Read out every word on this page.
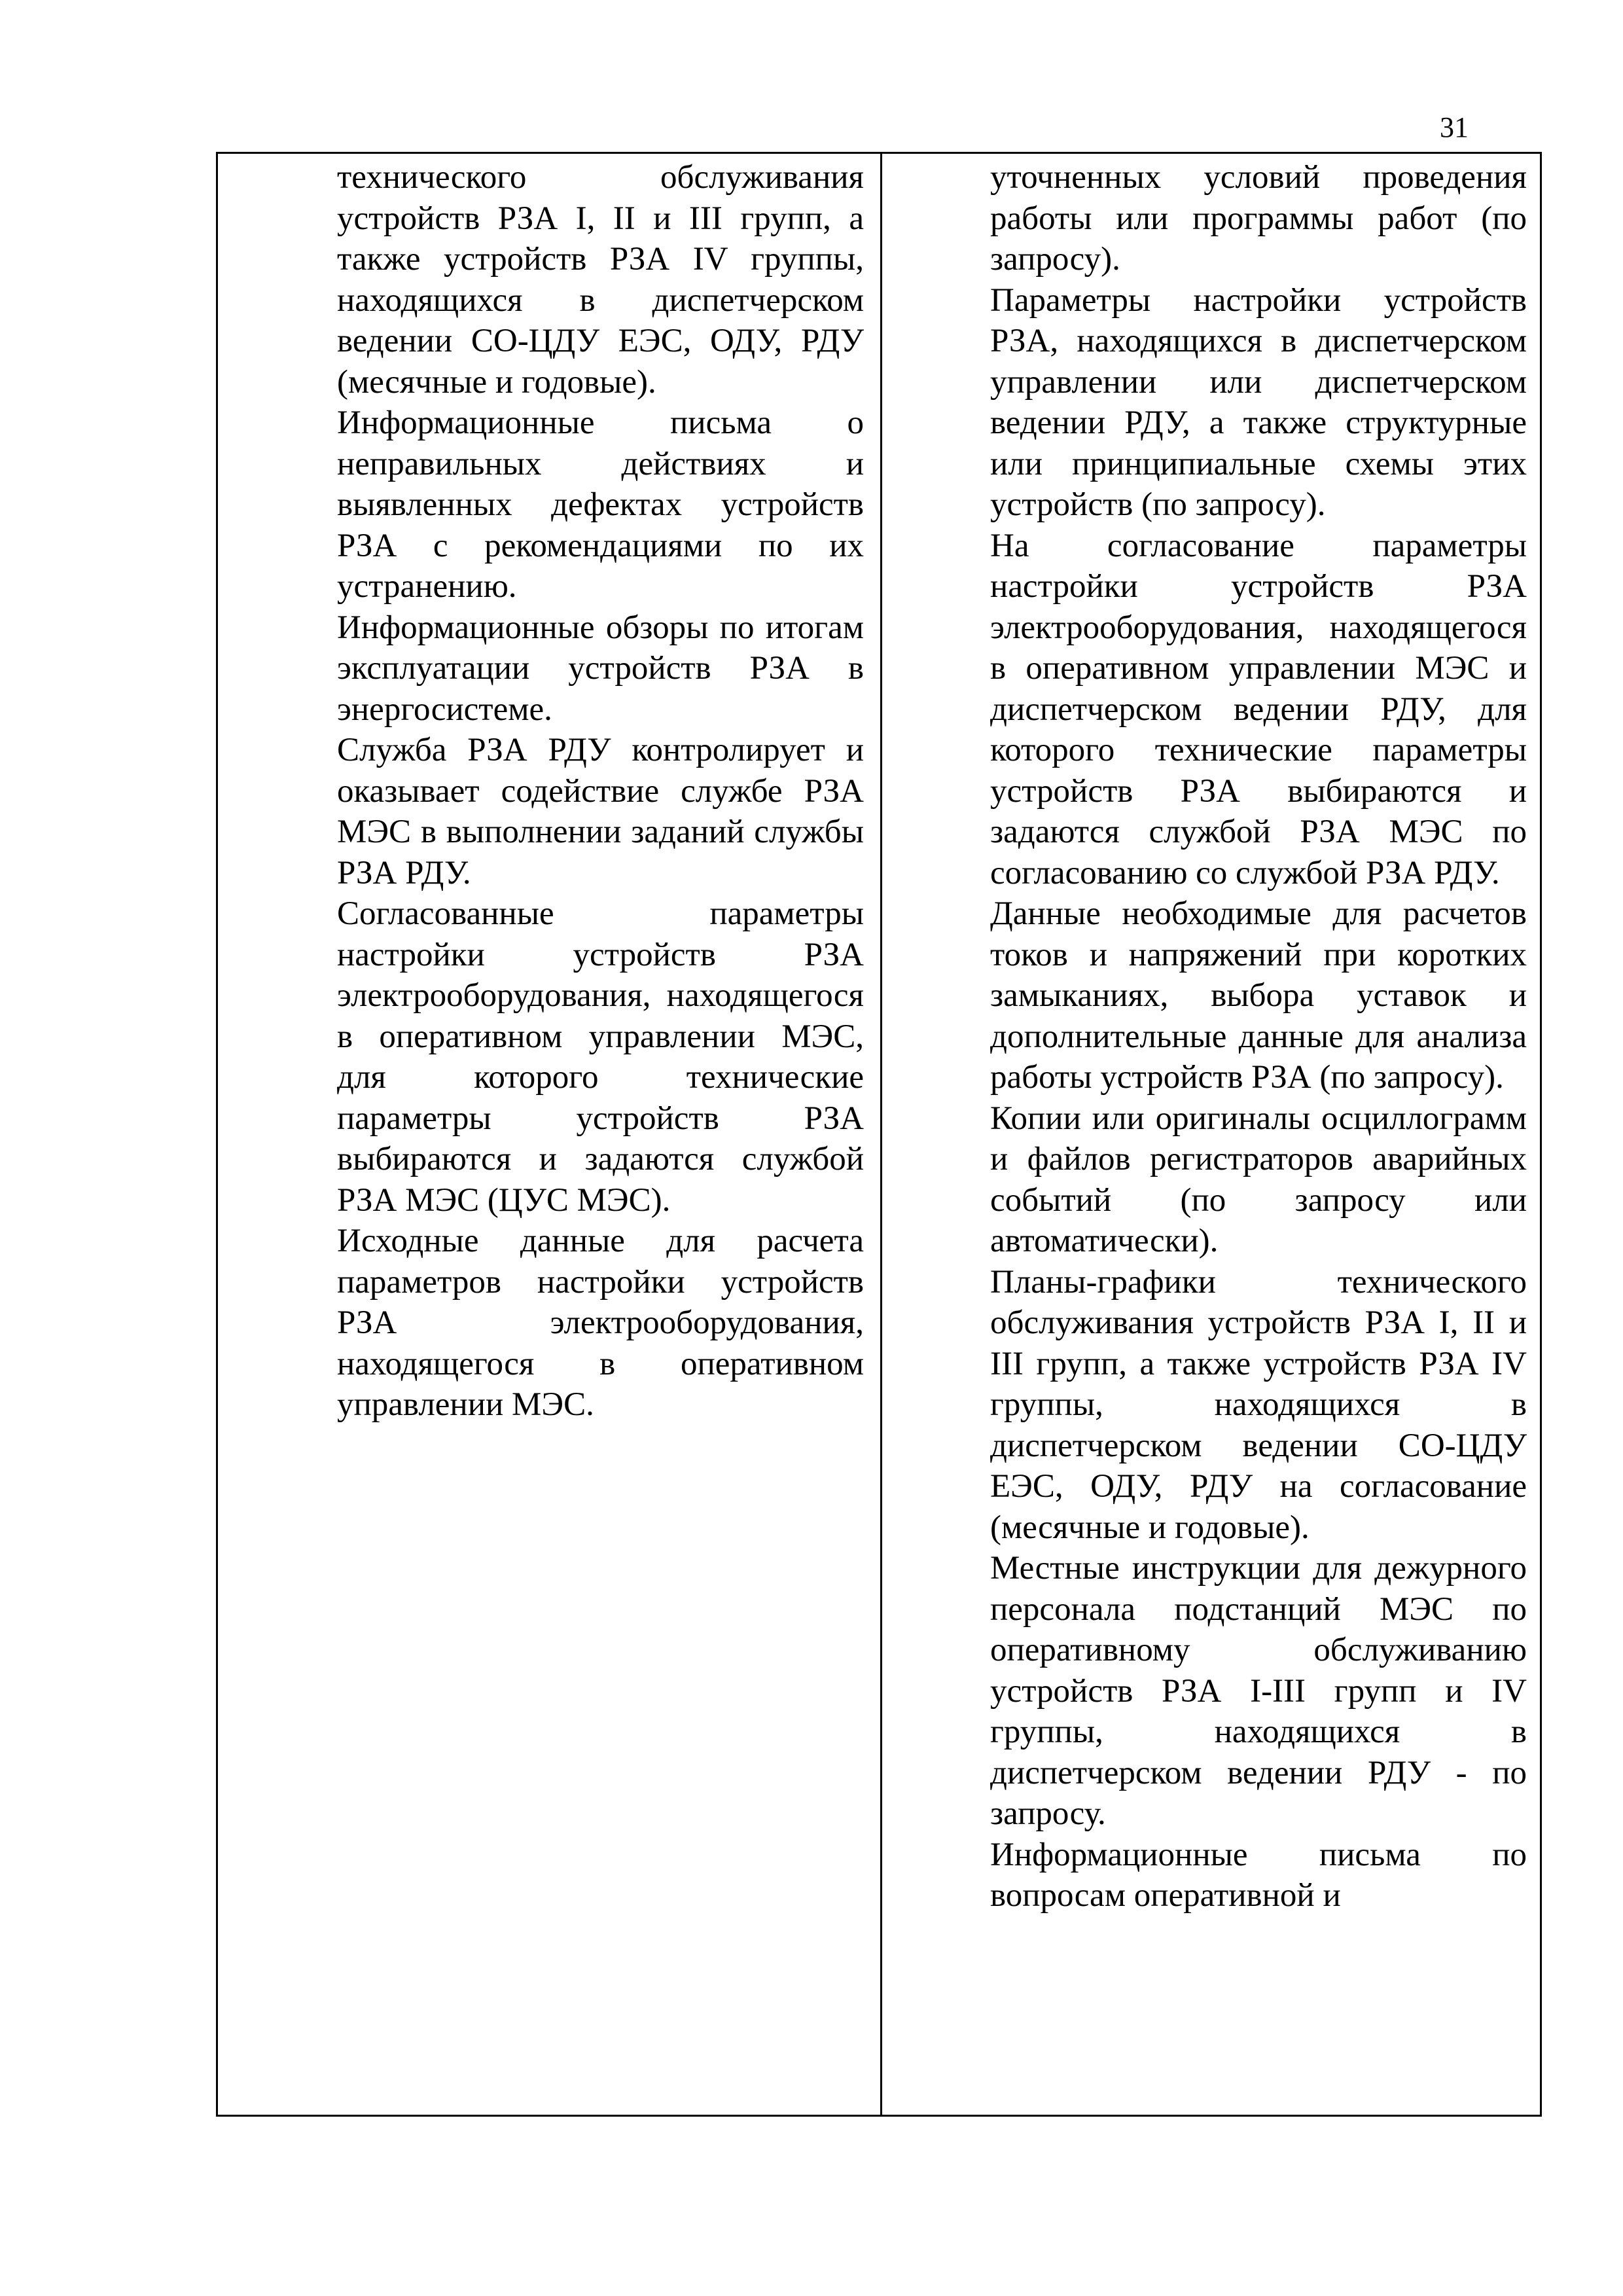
31

технического обслуживания устройств РЗА I, II и III групп, а также устройств РЗА IV группы, находящихся в диспетчерском ведении СО-ЦДУ ЕЭС, ОДУ, РДУ (месячные и годовые).

Информационные письма о неправильных действиях и выявленных дефектах устройств РЗА с рекомендациями по их устранению.

Информационные обзоры по итогам эксплуатации устройств РЗА в энергосистеме.

Служба РЗА РДУ контролирует и оказывает содействие службе РЗА МЭС в выполнении заданий службы РЗА РДУ.

Согласованные параметры настройки устройств РЗА электрооборудования, находящегося в оперативном управлении МЭС, для которого технические параметры устройств РЗА выбираются и задаются службой РЗА МЭС (ЦУС МЭС).

Исходные данные для расчета параметров настройки устройств РЗА электрооборудования, находящегося в оперативном управлении МЭС.

уточненных условий проведения работы или программы работ (по запросу).

Параметры настройки устройств РЗА, находящихся в диспетчерском управлении или диспетчерском ведении РДУ, а также структурные или принципиальные схемы этих устройств (по запросу).

На согласование параметры настройки устройств РЗА электрооборудования, находящегося в оперативном управлении МЭС и диспетчерском ведении РДУ, для которого технические параметры устройств РЗА выбираются и задаются службой РЗА МЭС по согласованию со службой РЗА РДУ.

Данные необходимые для расчетов токов и напряжений при коротких замыканиях, выбора уставок и дополнительные данные для анализа работы устройств РЗА (по запросу).

Копии или оригиналы осциллограмм и файлов регистраторов аварийных событий (по запросу или автоматически).

Планы-графики технического обслуживания устройств РЗА I, II и III групп, а также устройств РЗА IV группы, находящихся в диспетчерском ведении СО-ЦДУ ЕЭС, ОДУ, РДУ на согласование (месячные и годовые).

Местные инструкции для дежурного персонала подстанций МЭС по оперативному обслуживанию устройств РЗА I-III групп и IV группы, находящихся в диспетчерском ведении РДУ - по запросу.

Информационные письма по вопросам оперативной и
